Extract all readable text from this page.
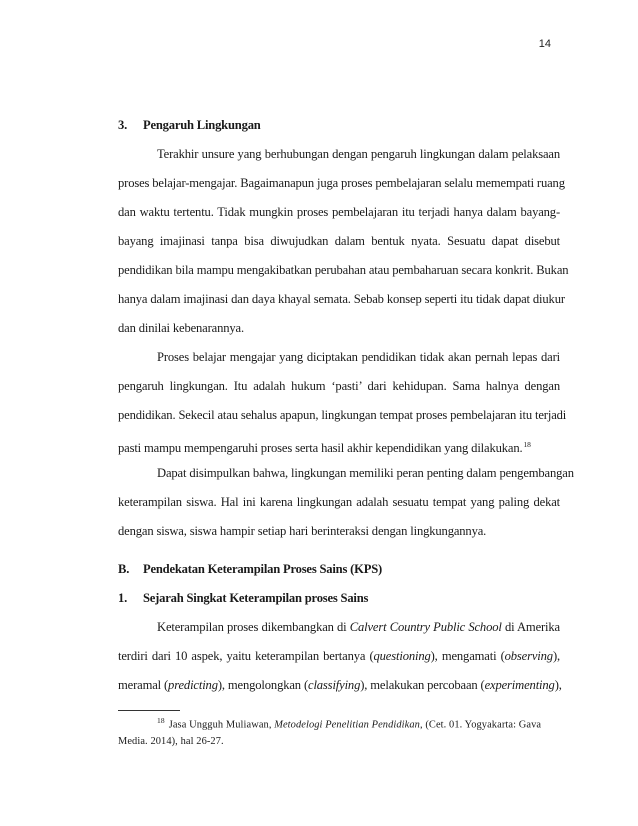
14
3. Pengaruh Lingkungan
Terakhir unsure yang berhubungan dengan pengaruh lingkungan dalam pelaksaan
proses belajar-mengajar. Bagaimanapun juga proses pembelajaran selalu memempati ruang
dan waktu tertentu. Tidak mungkin proses pembelajaran itu terjadi hanya dalam bayang-
bayang imajinasi tanpa bisa diwujudkan dalam bentuk nyata. Sesuatu dapat disebut
pendidikan bila mampu mengakibatkan perubahan atau pembaharuan secara konkrit. Bukan
hanya dalam imajinasi dan daya khayal semata. Sebab konsep seperti itu tidak dapat diukur
dan dinilai kebenarannya.
Proses belajar mengajar yang diciptakan pendidikan tidak akan pernah lepas dari
pengaruh lingkungan. Itu adalah hukum ‘pasti’ dari kehidupan. Sama halnya dengan
pendidikan. Sekecil atau sehalus apapun, lingkungan tempat proses pembelajaran itu terjadi
pasti mampu mempengaruhi proses serta hasil akhir kependidikan yang dilakukan.$^{18}$
Dapat disimpulkan bahwa, lingkungan memiliki peran penting dalam pengembangan
keterampilan siswa. Hal ini karena lingkungan adalah sesuatu tempat yang paling dekat
dengan siswa, siswa hampir setiap hari berinteraksi dengan lingkungannya.
B. Pendekatan Keterampilan Proses Sains (KPS)
1. Sejarah Singkat Keterampilan proses Sains
Keterampilan proses dikembangkan di Calvert Country Public School di Amerika
terdiri dari 10 aspek, yaitu keterampilan bertanya (questioning), mengamati (observing),
meramal (predicting), mengolongkan (classifying), melakukan percobaan (experimenting),
$^{18}$ Jasa Ungguh Muliawan, Metodelogi Penelitian Pendidikan, (Cet. 01. Yogyakarta: Gava
Media. 2014), hal 26-27.
